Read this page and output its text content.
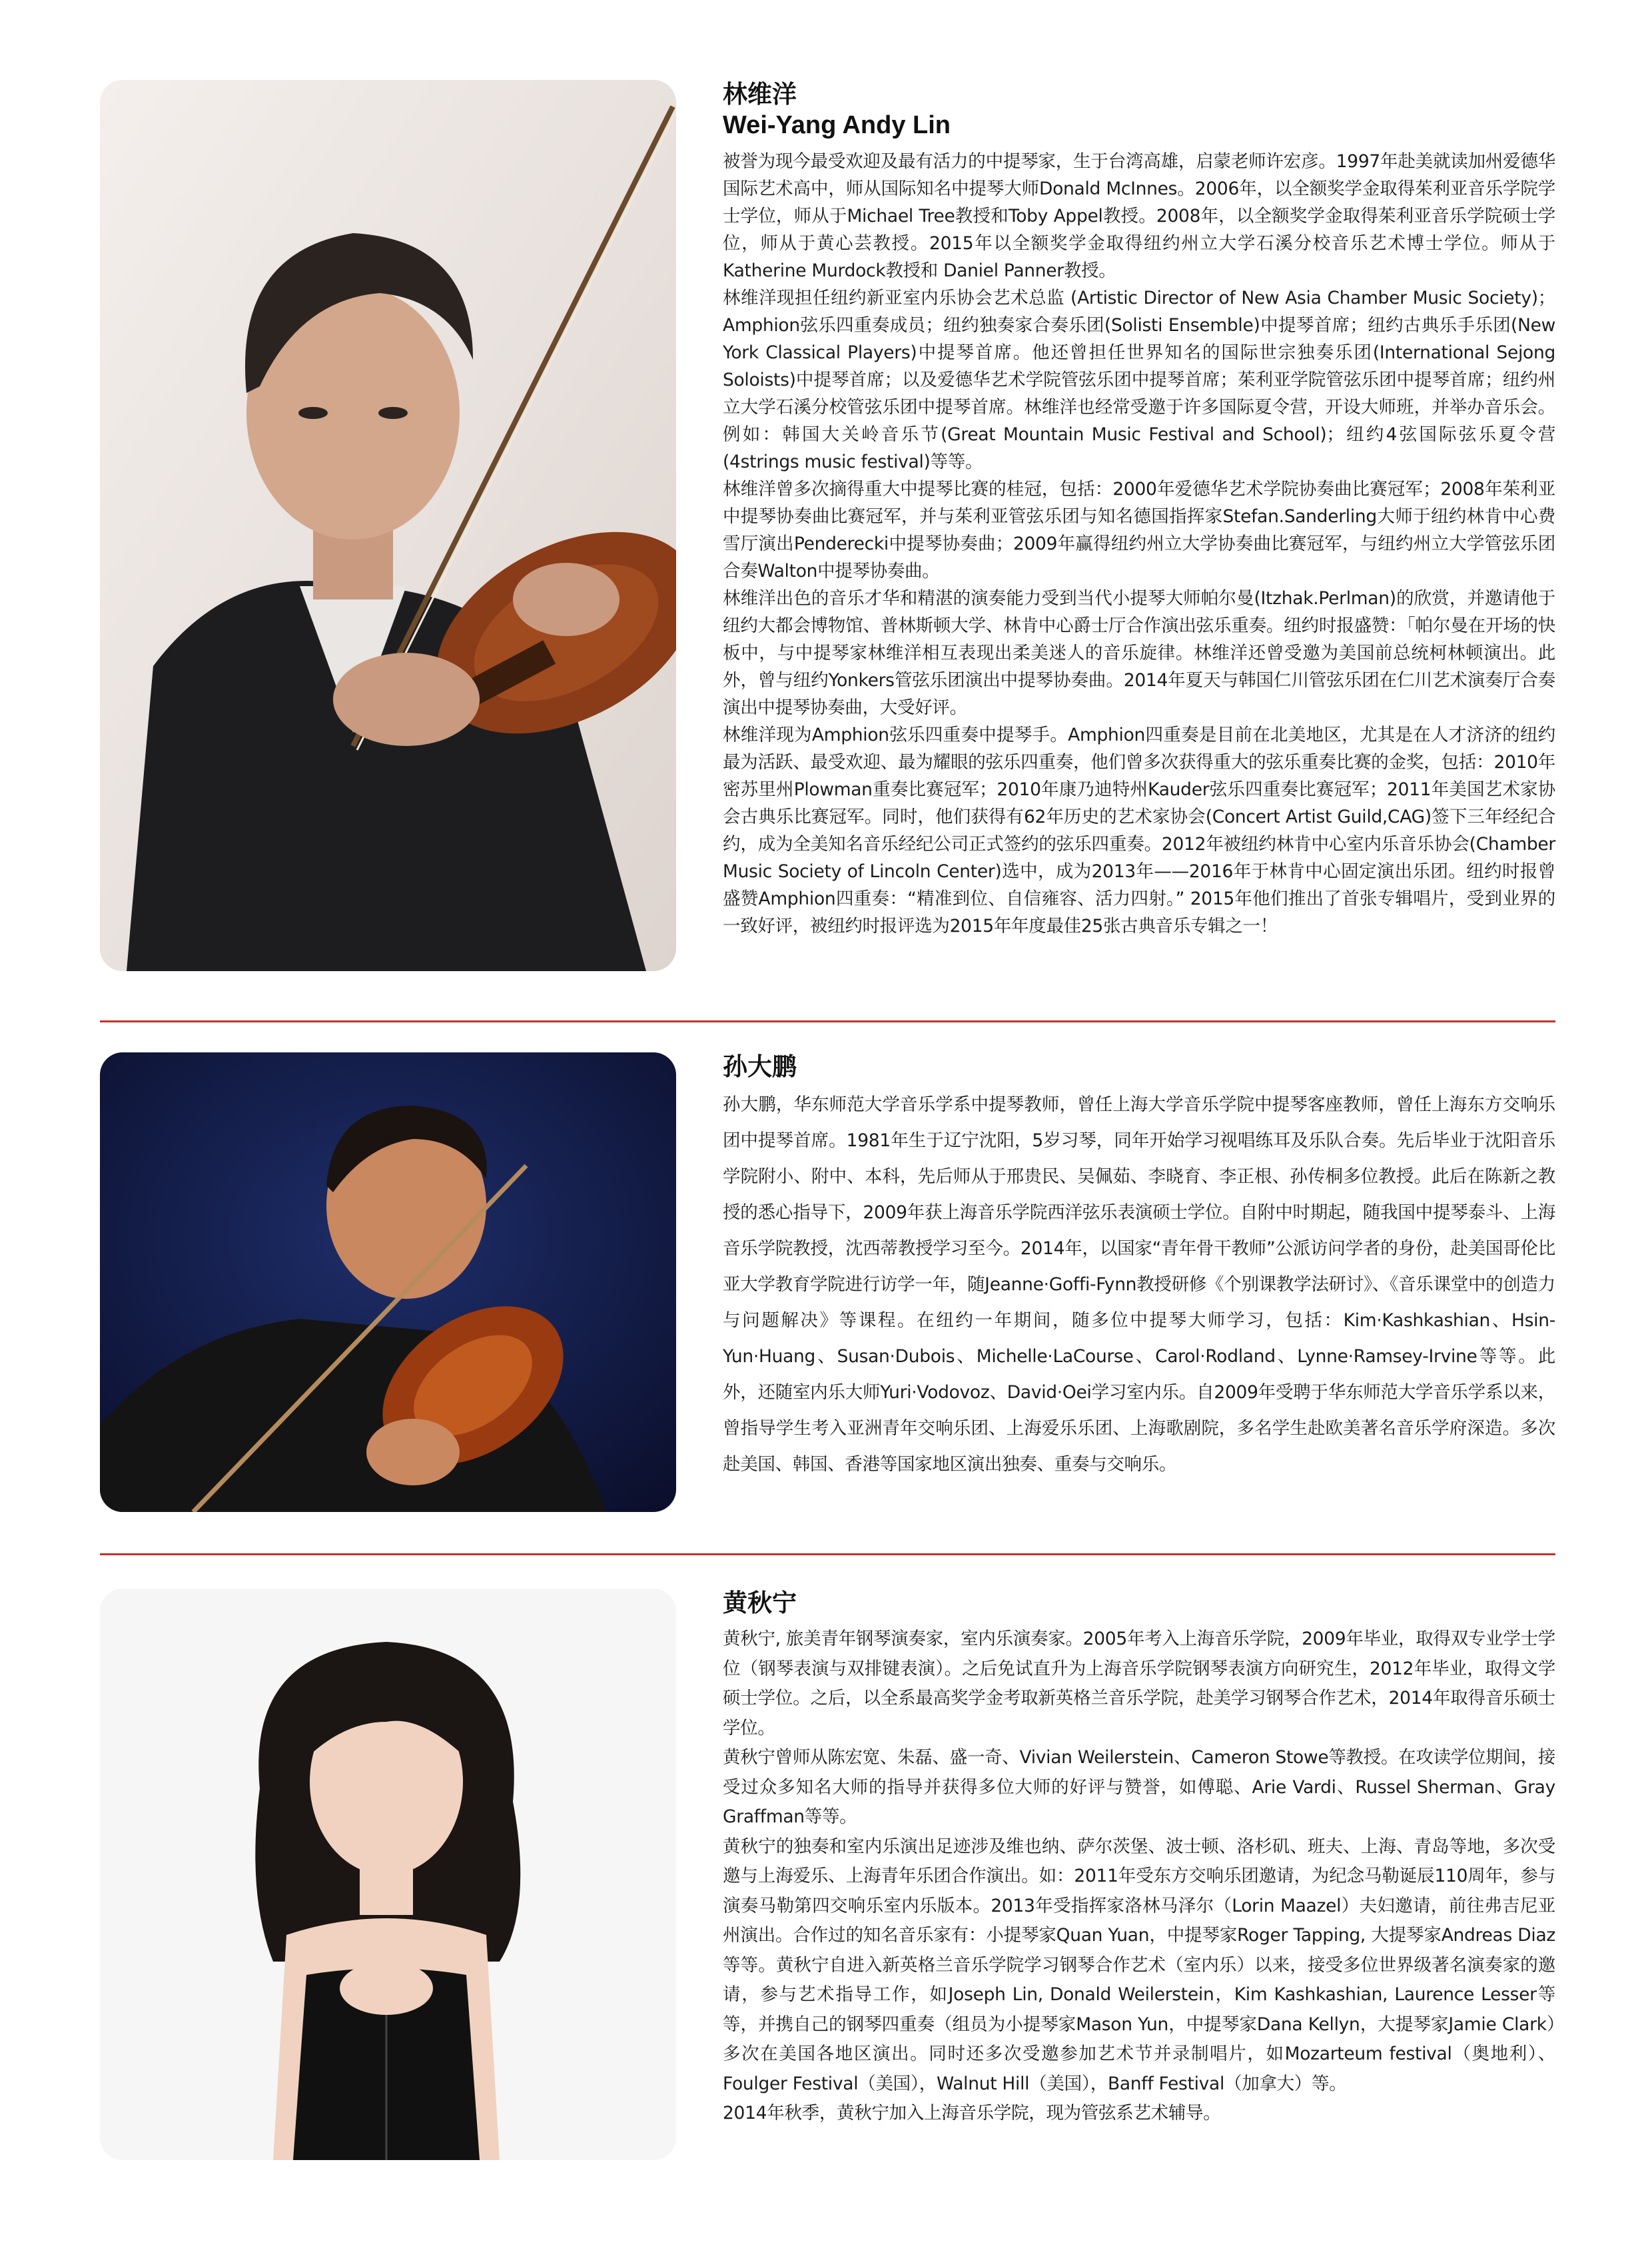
林维洋
Wei-Yang Andy Lin

被誉为现今最受欢迎及最有活力的中提琴家，生于台湾高雄，启蒙老师许宏彦。1997年赴美就读加州爱德华国际艺术高中，师从国际知名中提琴大师Donald McInnes。2006年，以全额奖学金取得茱利亚音乐学院学士学位，师从于Michael Tree教授和Toby Appel教授。2008年，以全额奖学金取得茱利亚音乐学院硕士学位，师从于黄心芸教授。2015年以全额奖学金取得纽约州立大学石溪分校音乐艺术博士学位。师从于Katherine Murdock教授和 Daniel Panner教授。

林维洋现担任纽约新亚室内乐协会艺术总监 (Artistic Director of New Asia Chamber Music Society)；Amphion弦乐四重奏成员；纽约独奏家合奏乐团(Solisti Ensemble)中提琴首席；纽约古典乐手乐团(New York Classical Players)中提琴首席。他还曾担任世界知名的国际世宗独奏乐团(International Sejong Soloists)中提琴首席；以及爱德华艺术学院管弦乐团中提琴首席；茱利亚学院管弦乐团中提琴首席；纽约州立大学石溪分校管弦乐团中提琴首席。林维洋也经常受邀于许多国际夏令营，开设大师班，并举办音乐会。例如：韩国大关岭音乐节(Great Mountain Music Festival and School)；纽约4弦国际弦乐夏令营(4strings music festival)等等。

林维洋曾多次摘得重大中提琴比赛的桂冠，包括：2000年爱德华艺术学院协奏曲比赛冠军；2008年茱利亚中提琴协奏曲比赛冠军，并与茱利亚管弦乐团与知名德国指挥家Stefan.Sanderling大师于纽约林肯中心费雪厅演出Penderecki中提琴协奏曲；2009年赢得纽约州立大学协奏曲比赛冠军，与纽约州立大学管弦乐团合奏Walton中提琴协奏曲。

林维洋出色的音乐才华和精湛的演奏能力受到当代小提琴大师帕尔曼(Itzhak.Perlman)的欣赏，并邀请他于纽约大都会博物馆、普林斯顿大学、林肯中心爵士厅合作演出弦乐重奏。纽约时报盛赞：「帕尔曼在开场的快板中，与中提琴家林维洋相互表现出柔美迷人的音乐旋律。林维洋还曾受邀为美国前总统柯林顿演出。此外，曾与纽约Yonkers管弦乐团演出中提琴协奏曲。2014年夏天与韩国仁川管弦乐团在仁川艺术演奏厅合奏演出中提琴协奏曲，大受好评。

林维洋现为Amphion弦乐四重奏中提琴手。Amphion四重奏是目前在北美地区，尤其是在人才济济的纽约最为活跃、最受欢迎、最为耀眼的弦乐四重奏，他们曾多次获得重大的弦乐重奏比赛的金奖，包括：2010年密苏里州Plowman重奏比赛冠军；2010年康乃迪特州Kauder弦乐四重奏比赛冠军；2011年美国艺术家协会古典乐比赛冠军。同时，他们获得有62年历史的艺术家协会(Concert Artist Guild,CAG)签下三年经纪合约，成为全美知名音乐经纪公司正式签约的弦乐四重奏。2012年被纽约林肯中心室内乐音乐协会(Chamber Music Society of Lincoln Center)选中，成为2013年——2016年于林肯中心固定演出乐团。纽约时报曾盛赞Amphion四重奏：“精准到位、自信雍容、活力四射。” 2015年他们推出了首张专辑唱片，受到业界的一致好评，被纽约时报评选为2015年年度最佳25张古典音乐专辑之一！

孙大鹏

孙大鹏，华东师范大学音乐学系中提琴教师，曾任上海大学音乐学院中提琴客座教师，曾任上海东方交响乐团中提琴首席。1981年生于辽宁沈阳，5岁习琴，同年开始学习视唱练耳及乐队合奏。先后毕业于沈阳音乐学院附小、附中、本科，先后师从于邢贵民、吴佩茹、李晓育、李正根、孙传桐多位教授。此后在陈新之教授的悉心指导下，2009年获上海音乐学院西洋弦乐表演硕士学位。自附中时期起，随我国中提琴泰斗、上海音乐学院教授，沈西蒂教授学习至今。2014年，以国家“青年骨干教师”公派访问学者的身份，赴美国哥伦比亚大学教育学院进行访学一年，随Jeanne·Goffi-Fynn教授研修《个别课教学法研讨》、《音乐课堂中的创造力与问题解决》等课程。在纽约一年期间，随多位中提琴大师学习，包括：Kim·Kashkashian、Hsin-Yun·Huang、Susan·Dubois、Michelle·LaCourse、Carol·Rodland、Lynne·Ramsey-Irvine等等。此外，还随室内乐大师Yuri·Vodovoz、David·Oei学习室内乐。自2009年受聘于华东师范大学音乐学系以来，曾指导学生考入亚洲青年交响乐团、上海爱乐乐团、上海歌剧院，多名学生赴欧美著名音乐学府深造。多次赴美国、韩国、香港等国家地区演出独奏、重奏与交响乐。

黄秋宁

黄秋宁, 旅美青年钢琴演奏家，室内乐演奏家。2005年考入上海音乐学院，2009年毕业，取得双专业学士学位（钢琴表演与双排键表演）。之后免试直升为上海音乐学院钢琴表演方向研究生，2012年毕业，取得文学硕士学位。之后，以全系最高奖学金考取新英格兰音乐学院，赴美学习钢琴合作艺术，2014年取得音乐硕士学位。

黄秋宁曾师从陈宏宽、朱磊、盛一奇、Vivian Weilerstein、Cameron Stowe等教授。在攻读学位期间，接受过众多知名大师的指导并获得多位大师的好评与赞誉，如傅聪、Arie Vardi、Russel Sherman、Gray Graffman等等。

黄秋宁的独奏和室内乐演出足迹涉及维也纳、萨尔茨堡、波士顿、洛杉矶、班夫、上海、青岛等地，多次受邀与上海爱乐、上海青年乐团合作演出。如：2011年受东方交响乐团邀请，为纪念马勒诞辰110周年，参与演奏马勒第四交响乐室内乐版本。2013年受指挥家洛林马泽尔（Lorin Maazel）夫妇邀请，前往弗吉尼亚州演出。合作过的知名音乐家有：小提琴家Quan Yuan，中提琴家Roger Tapping, 大提琴家Andreas Diaz等等。黄秋宁自进入新英格兰音乐学院学习钢琴合作艺术（室内乐）以来，接受多位世界级著名演奏家的邀请，参与艺术指导工作，如Joseph Lin, Donald Weilerstein，Kim Kashkashian, Laurence Lesser等等，并携自己的钢琴四重奏（组员为小提琴家Mason Yun，中提琴家Dana Kellyn，大提琴家Jamie Clark）多次在美国各地区演出。同时还多次受邀参加艺术节并录制唱片，如Mozarteum festival（奥地利）、Foulger Festival（美国），Walnut Hill（美国），Banff Festival（加拿大）等。

2014年秋季，黄秋宁加入上海音乐学院，现为管弦系艺术辅导。
